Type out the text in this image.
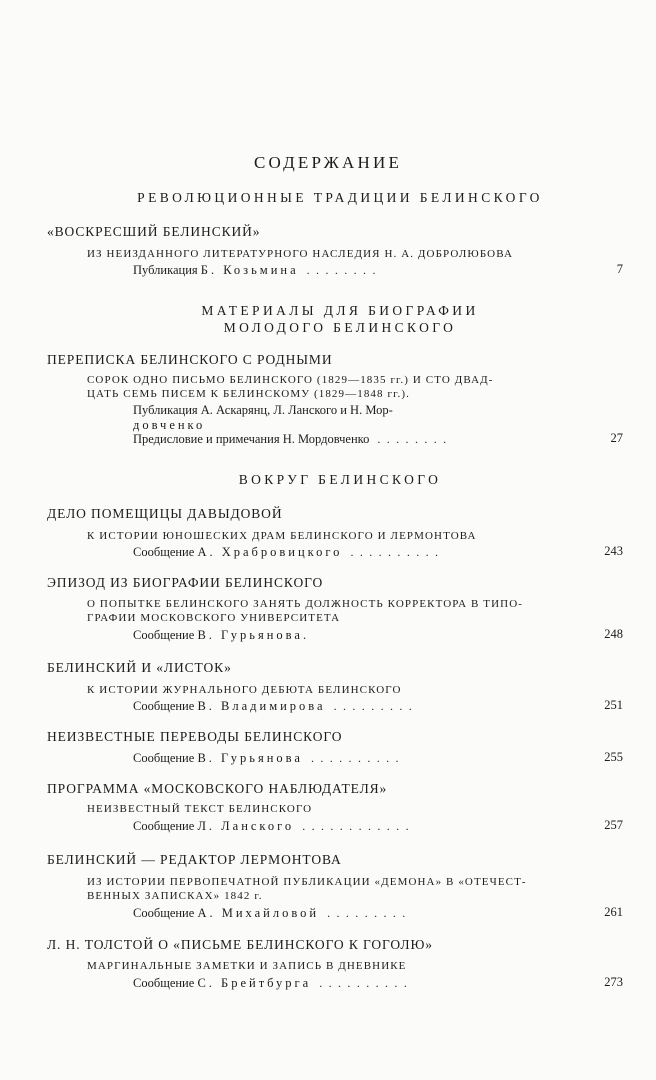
СОДЕРЖАНИЕ
РЕВОЛЮЦИОННЫЕ ТРАДИЦИИ БЕЛИНСКОГО
«ВОСКРЕСШИЙ БЕЛИНСКИЙ»
ИЗ НЕИЗДАННОГО ЛИТЕРАТУРНОГО НАСЛЕДИЯ Н. А. ДОБРОЛЮБОВА
Публикация Б. Козьмина ........	7
МАТЕРИАЛЫ ДЛЯ БИОГРАФИИ
МОЛОДОГО БЕЛИНСКОГО
ПЕРЕПИСКА БЕЛИНСКОГО С РОДНЫМИ
СОРОК ОДНО ПИСЬМО БЕЛИНСКОГО (1829—1835 гг.) И СТО ДВАД-
ЦАТЬ СЕМЬ ПИСЕМ К БЕЛИНСКОМУ (1829—1848 гг.).
Публикация А. Аскарянц, Л. Ланского и Н. Мор-
довченко
Предисловие и примечания Н. Мордовченко ........	27
ВОКРУГ БЕЛИНСКОГО
ДЕЛО ПОМЕЩИЦЫ ДАВЫДОВОЙ
К ИСТОРИИ ЮНОШЕСКИХ ДРАМ БЕЛИНСКОГО И ЛЕРМОНТОВА
Сообщение А. Храбровицкого ..........	243
ЭПИЗОД ИЗ БИОГРАФИИ БЕЛИНСКОГО
О ПОПЫТКЕ БЕЛИНСКОГО ЗАНЯТЬ ДОЛЖНОСТЬ КОРРЕКТОРА В ТИПО-
ГРАФИИ МОСКОВСКОГО УНИВЕРСИТЕТА
Сообщение В. Гурьянова.	248
БЕЛИНСКИЙ И «ЛИСТОК»
К ИСТОРИИ ЖУРНАЛЬНОГО ДЕБЮТА БЕЛИНСКОГО
Сообщение В. Владимирова .........	251
НЕИЗВЕСТНЫЕ ПЕРЕВОДЫ БЕЛИНСКОГО
Сообщение В. Гурьянова ..........	255
ПРОГРАММА «МОСКОВСКОГО НАБЛЮДАТЕЛЯ»
НЕИЗВЕСТНЫЙ ТЕКСТ БЕЛИНСКОГО
Сообщение Л. Ланского ............	257
БЕЛИНСКИЙ — РЕДАКТОР ЛЕРМОНТОВА
ИЗ ИСТОРИИ ПЕРВОПЕЧАТНОЙ ПУБЛИКАЦИИ «ДЕМОНА» В «ОТЕЧЕСТ-
ВЕННЫХ ЗАПИСКАХ» 1842 г.
Сообщение А. Михайловой .........	261
Л. Н. ТОЛСТОЙ О «ПИСЬМЕ БЕЛИНСКОГО К ГОГОЛЮ»
МАРГИНАЛЬНЫЕ ЗАМЕТКИ И ЗАПИСЬ В ДНЕВНИКЕ
Сообщение С. Брейтбурга ..........	273
